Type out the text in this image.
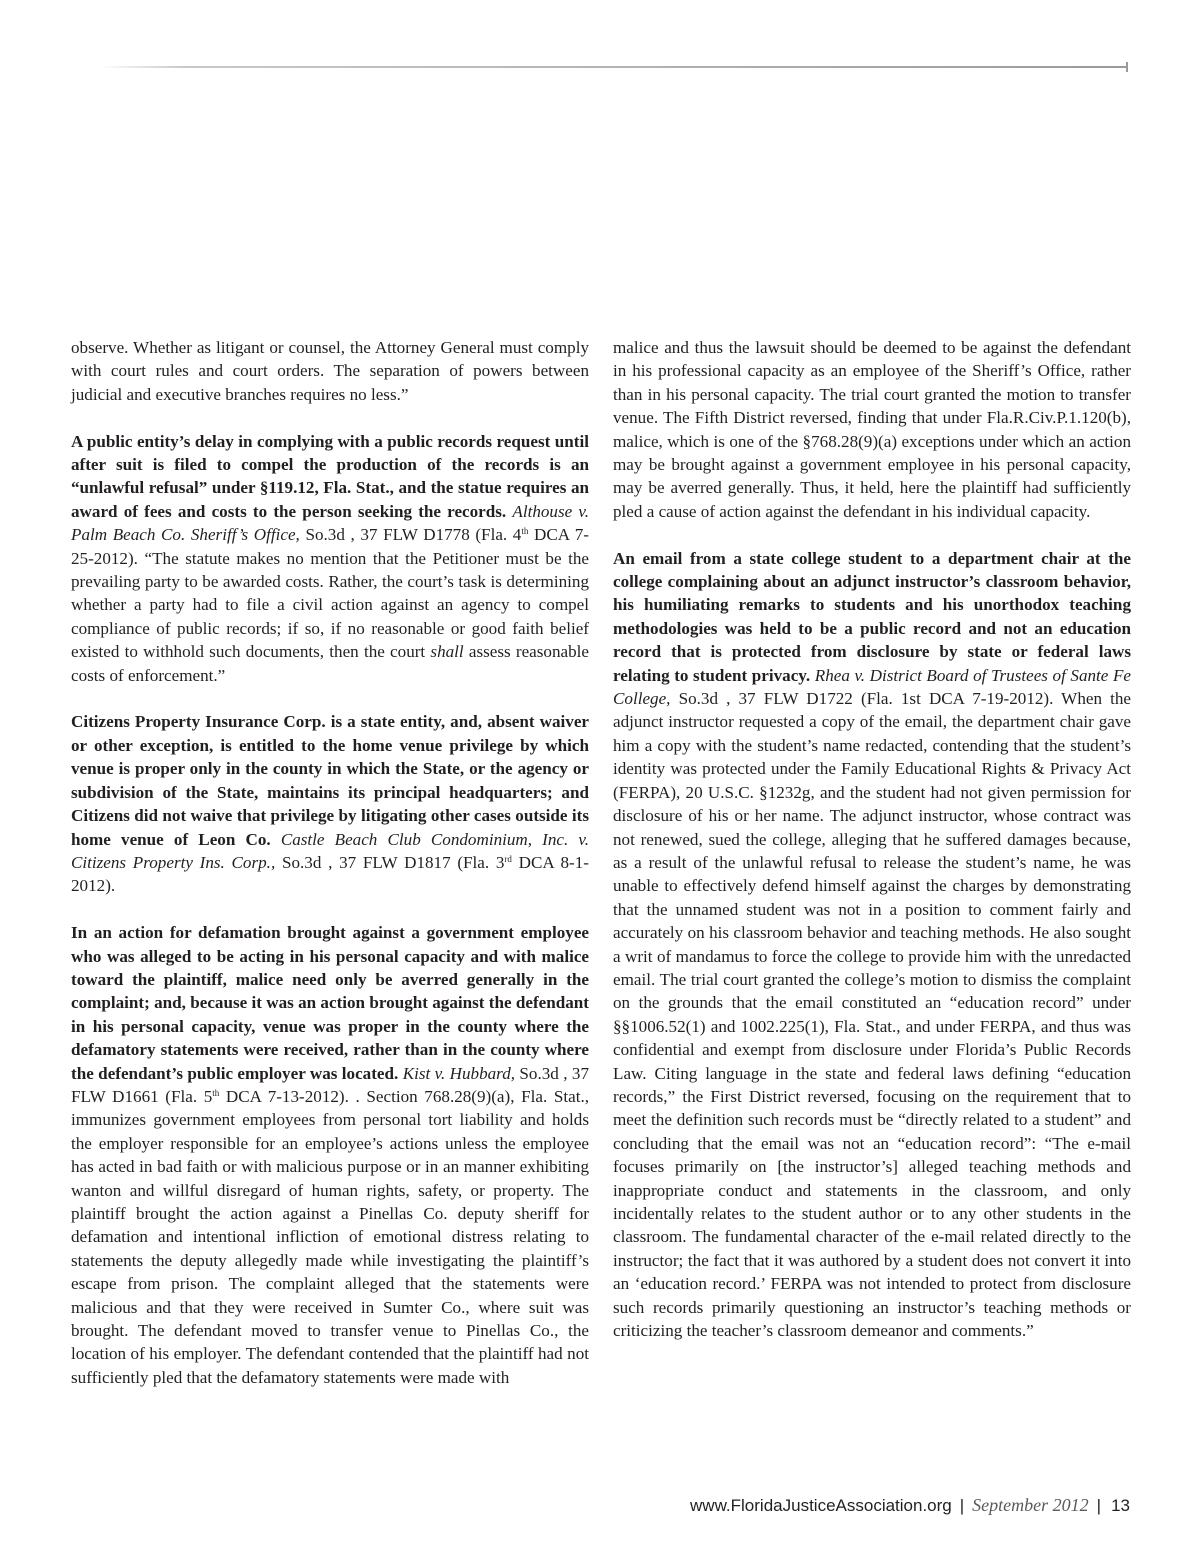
observe. Whether as litigant or counsel, the Attorney General must comply with court rules and court orders. The separation of powers between judicial and executive branches requires no less.”

A public entity’s delay in complying with a public records request until after suit is filed to compel the production of the records is an “unlawful refusal” under §119.12, Fla. Stat., and the statue requires an award of fees and costs to the person seeking the records. Althouse v. Palm Beach Co. Sheriff’s Office, So.3d , 37 FLW D1778 (Fla. 4th DCA 7-25-2012). “The statute makes no mention that the Petitioner must be the prevailing party to be awarded costs. Rather, the court’s task is determining whether a party had to file a civil action against an agency to compel compliance of public records; if so, if no reasonable or good faith belief existed to withhold such documents, then the court shall assess reasonable costs of enforcement.”

Citizens Property Insurance Corp. is a state entity, and, absent waiver or other exception, is entitled to the home venue privilege by which venue is proper only in the county in which the State, or the agency or subdivision of the State, maintains its principal headquarters; and Citizens did not waive that privilege by litigating other cases outside its home venue of Leon Co. Castle Beach Club Condominium, Inc. v. Citizens Property Ins. Corp., So.3d , 37 FLW D1817 (Fla. 3rd DCA 8-1-2012).

In an action for defamation brought against a government employee who was alleged to be acting in his personal capacity and with malice toward the plaintiff, malice need only be averred generally in the complaint; and, because it was an action brought against the defendant in his personal capacity, venue was proper in the county where the defamatory statements were received, rather than in the county where the defendant’s public employer was located. Kist v. Hubbard, So.3d , 37 FLW D1661 (Fla. 5th DCA 7-13-2012). . Section 768.28(9)(a), Fla. Stat., immunizes government employees from personal tort liability and holds the employer responsible for an employee’s actions unless the employee has acted in bad faith or with malicious purpose or in an manner exhibiting wanton and willful disregard of human rights, safety, or property. The plaintiff brought the action against a Pinellas Co. deputy sheriff for defamation and intentional infliction of emotional distress relating to statements the deputy allegedly made while investigating the plaintiff’s escape from prison. The complaint alleged that the statements were malicious and that they were received in Sumter Co., where suit was brought. The defendant moved to transfer venue to Pinellas Co., the location of his employer. The defendant contended that the plaintiff had not sufficiently pled that the defamatory statements were made with

malice and thus the lawsuit should be deemed to be against the defendant in his professional capacity as an employee of the Sheriff’s Office, rather than in his personal capacity. The trial court granted the motion to transfer venue. The Fifth District reversed, finding that under Fla.R.Civ.P.1.120(b), malice, which is one of the §768.28(9)(a) exceptions under which an action may be brought against a government employee in his personal capacity, may be averred generally. Thus, it held, here the plaintiff had sufficiently pled a cause of action against the defendant in his individual capacity.

An email from a state college student to a department chair at the college complaining about an adjunct instructor’s classroom behavior, his humiliating remarks to students and his unorthodox teaching methodologies was held to be a public record and not an education record that is protected from disclosure by state or federal laws relating to student privacy. Rhea v. District Board of Trustees of Sante Fe College, So.3d , 37 FLW D1722 (Fla. 1st DCA 7-19-2012). When the adjunct instructor requested a copy of the email, the department chair gave him a copy with the student’s name redacted, contending that the student’s identity was protected under the Family Educational Rights & Privacy Act (FERPA), 20 U.S.C. §1232g, and the student had not given permission for disclosure of his or her name. The adjunct instructor, whose contract was not renewed, sued the college, alleging that he suffered damages because, as a result of the unlawful refusal to release the student’s name, he was unable to effectively defend himself against the charges by demonstrating that the unnamed student was not in a position to comment fairly and accurately on his classroom behavior and teaching methods. He also sought a writ of mandamus to force the college to provide him with the unredacted email. The trial court granted the college’s motion to dismiss the complaint on the grounds that the email constituted an “education record” under §§1006.52(1) and 1002.225(1), Fla. Stat., and under FERPA, and thus was confidential and exempt from disclosure under Florida’s Public Records Law. Citing language in the state and federal laws defining “education records,” the First District reversed, focusing on the requirement that to meet the definition such records must be “directly related to a student” and concluding that the email was not an “education record”: “The e-mail focuses primarily on [the instructor’s] alleged teaching methods and inappropriate conduct and statements in the classroom, and only incidentally relates to the student author or to any other students in the classroom. The fundamental character of the e-mail related directly to the instructor; the fact that it was authored by a student does not convert it into an ‘education record.’ FERPA was not intended to protect from disclosure such records primarily questioning an instructor’s teaching methods or criticizing the teacher’s classroom demeanor and comments.”

www.FloridaJusticeAssociation.org | September 2012 | 13
